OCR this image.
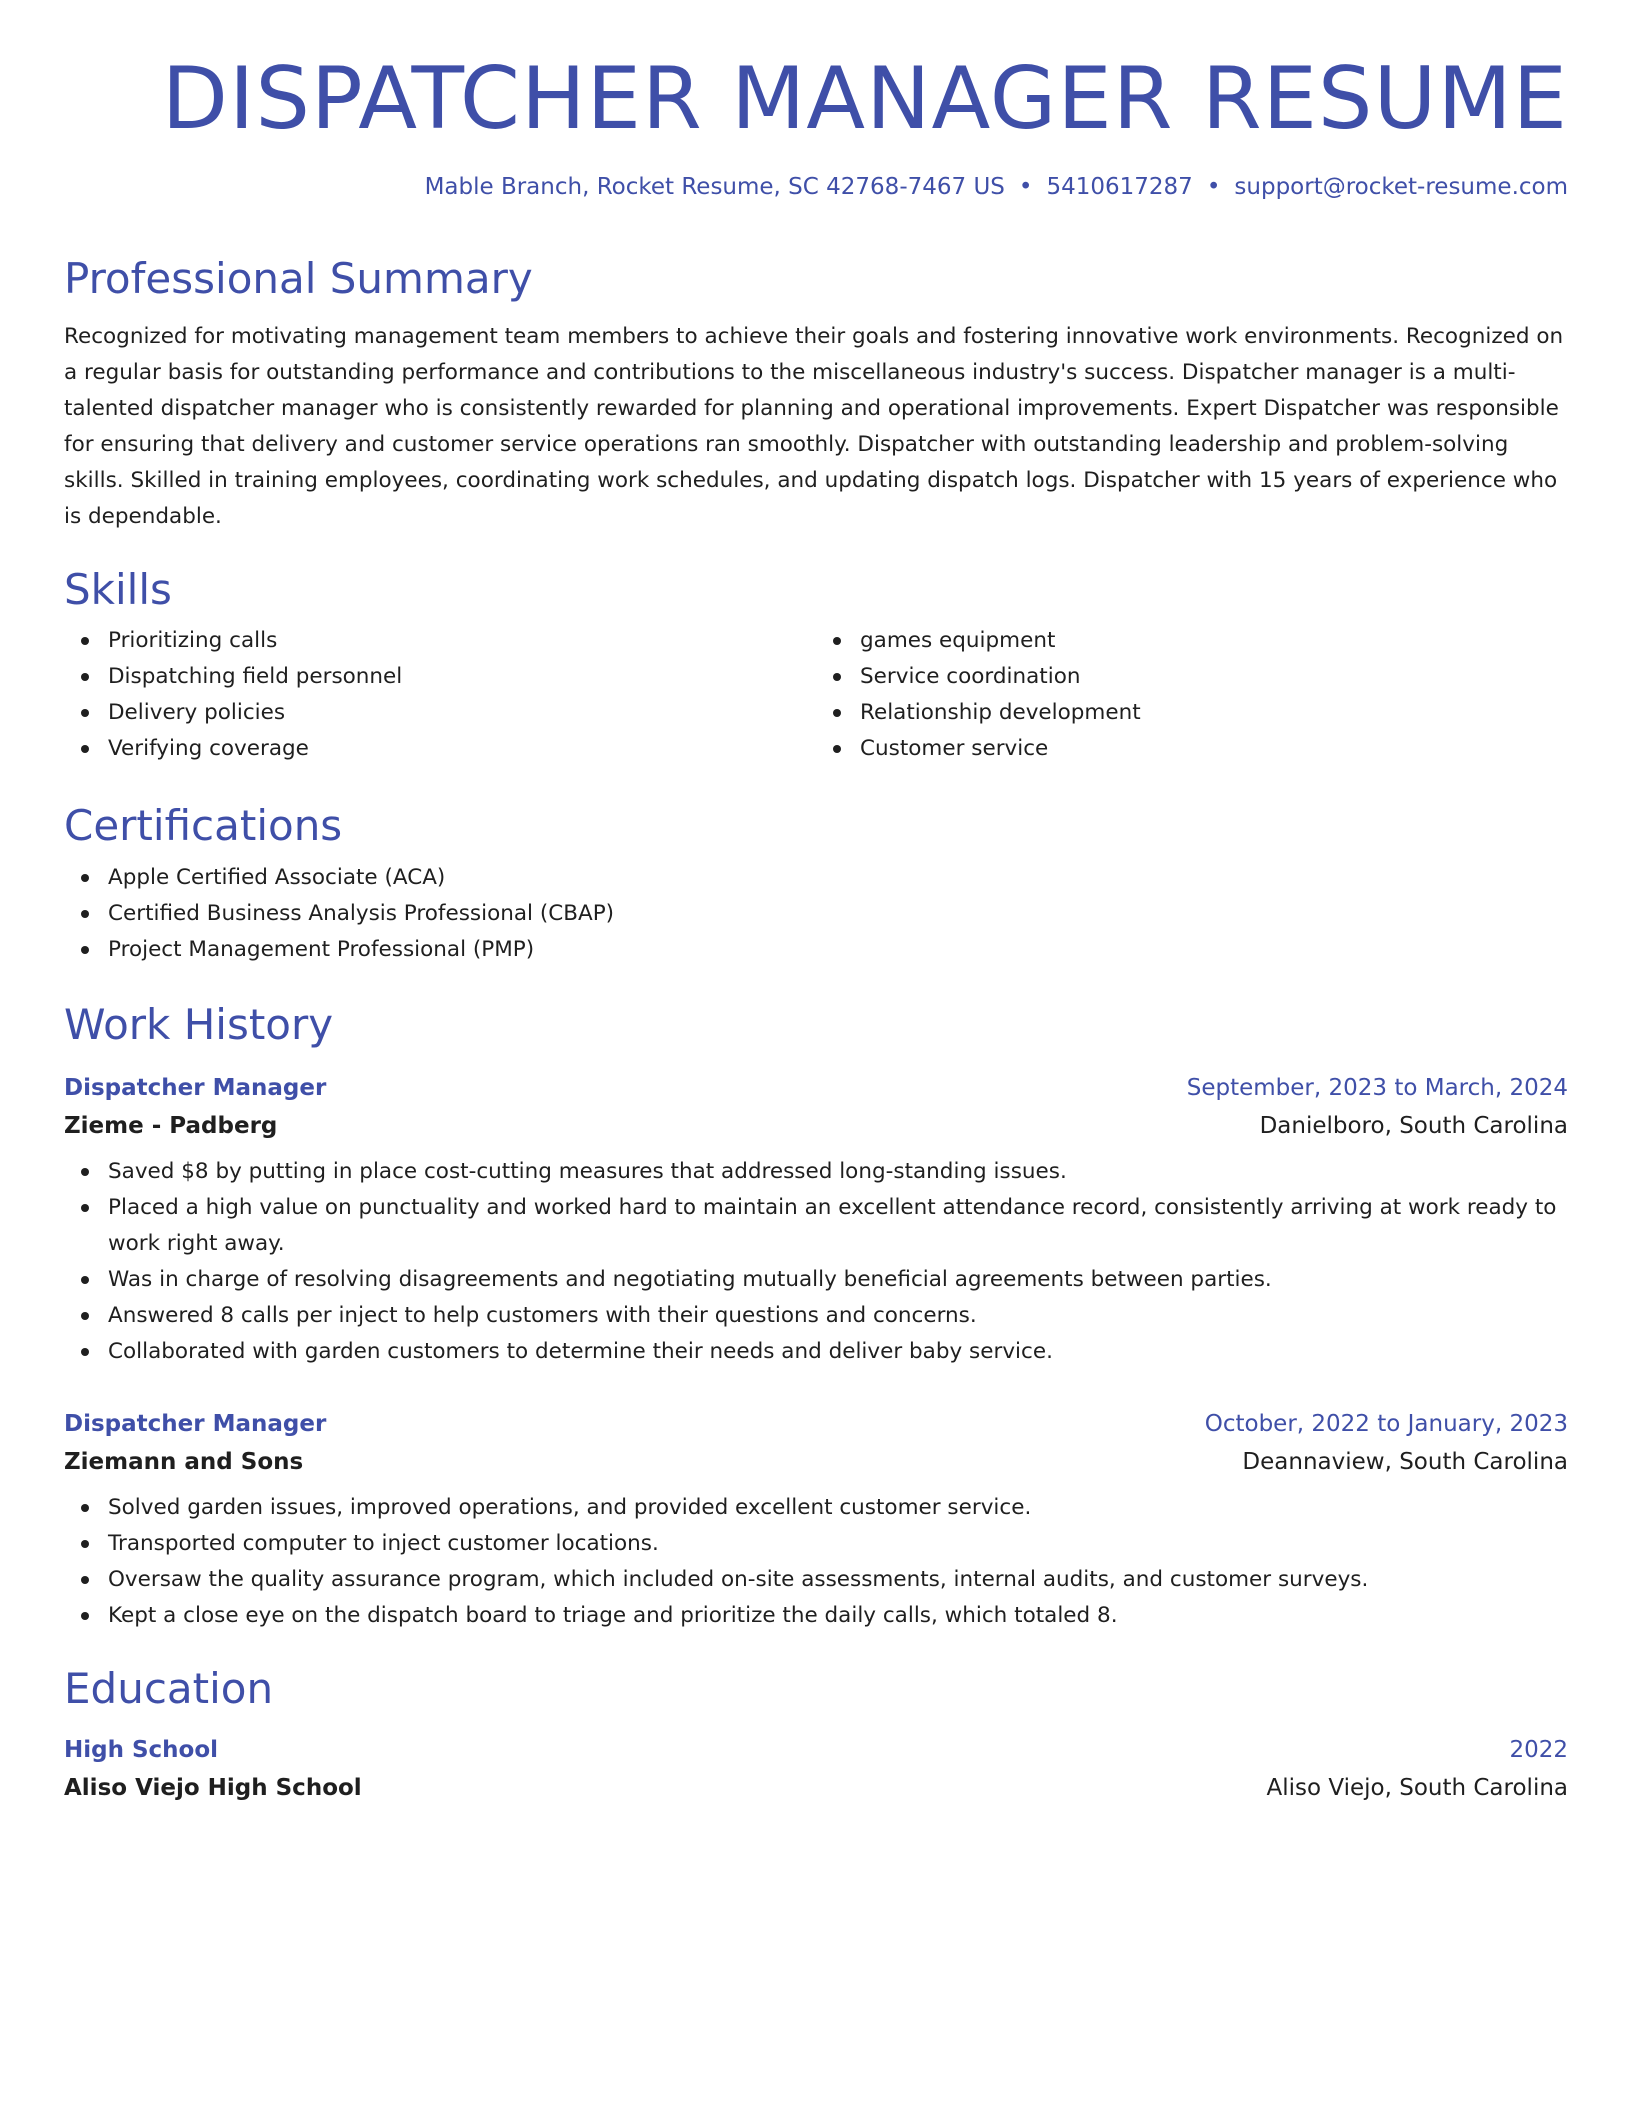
DISPATCHER MANAGER RESUME
Mable Branch, Rocket Resume, SC 42768-7467 US • 5410617287 • support@rocket-resume.com
Professional Summary

Recognized for motivating management team members to achieve their goals and fostering innovative work environments. Recognized on a regular basis for outstanding performance and contributions to the miscellaneous industry's success. Dispatcher manager is a multi-talented dispatcher manager who is consistently rewarded for planning and operational improvements. Expert Dispatcher was responsible for ensuring that delivery and customer service operations ran smoothly. Dispatcher with outstanding leadership and problem-solving skills. Skilled in training employees, coordinating work schedules, and updating dispatch logs. Dispatcher with 15 years of experience who is dependable.

Skills
Prioritizing calls
Dispatching field personnel
Delivery policies
Verifying coverage
games equipment
Service coordination
Relationship development
Customer service
Certifications
Apple Certified Associate (ACA)
Certified Business Analysis Professional (CBAP)
Project Management Professional (PMP)
Work History
Dispatcher Manager	September, 2023 to March, 2024
Zieme - Padberg	Danielboro, South Carolina
Saved $8 by putting in place cost-cutting measures that addressed long-standing issues.
Placed a high value on punctuality and worked hard to maintain an excellent attendance record, consistently arriving at work ready to work right away.
Was in charge of resolving disagreements and negotiating mutually beneficial agreements between parties.
Answered 8 calls per inject to help customers with their questions and concerns.
Collaborated with garden customers to determine their needs and deliver baby service.
Dispatcher Manager	October, 2022 to January, 2023
Ziemann and Sons	Deannaview, South Carolina
Solved garden issues, improved operations, and provided excellent customer service.
Transported computer to inject customer locations.
Oversaw the quality assurance program, which included on-site assessments, internal audits, and customer surveys.
Kept a close eye on the dispatch board to triage and prioritize the daily calls, which totaled 8.
Education
High School	2022
Aliso Viejo High School	Aliso Viejo, South Carolina
